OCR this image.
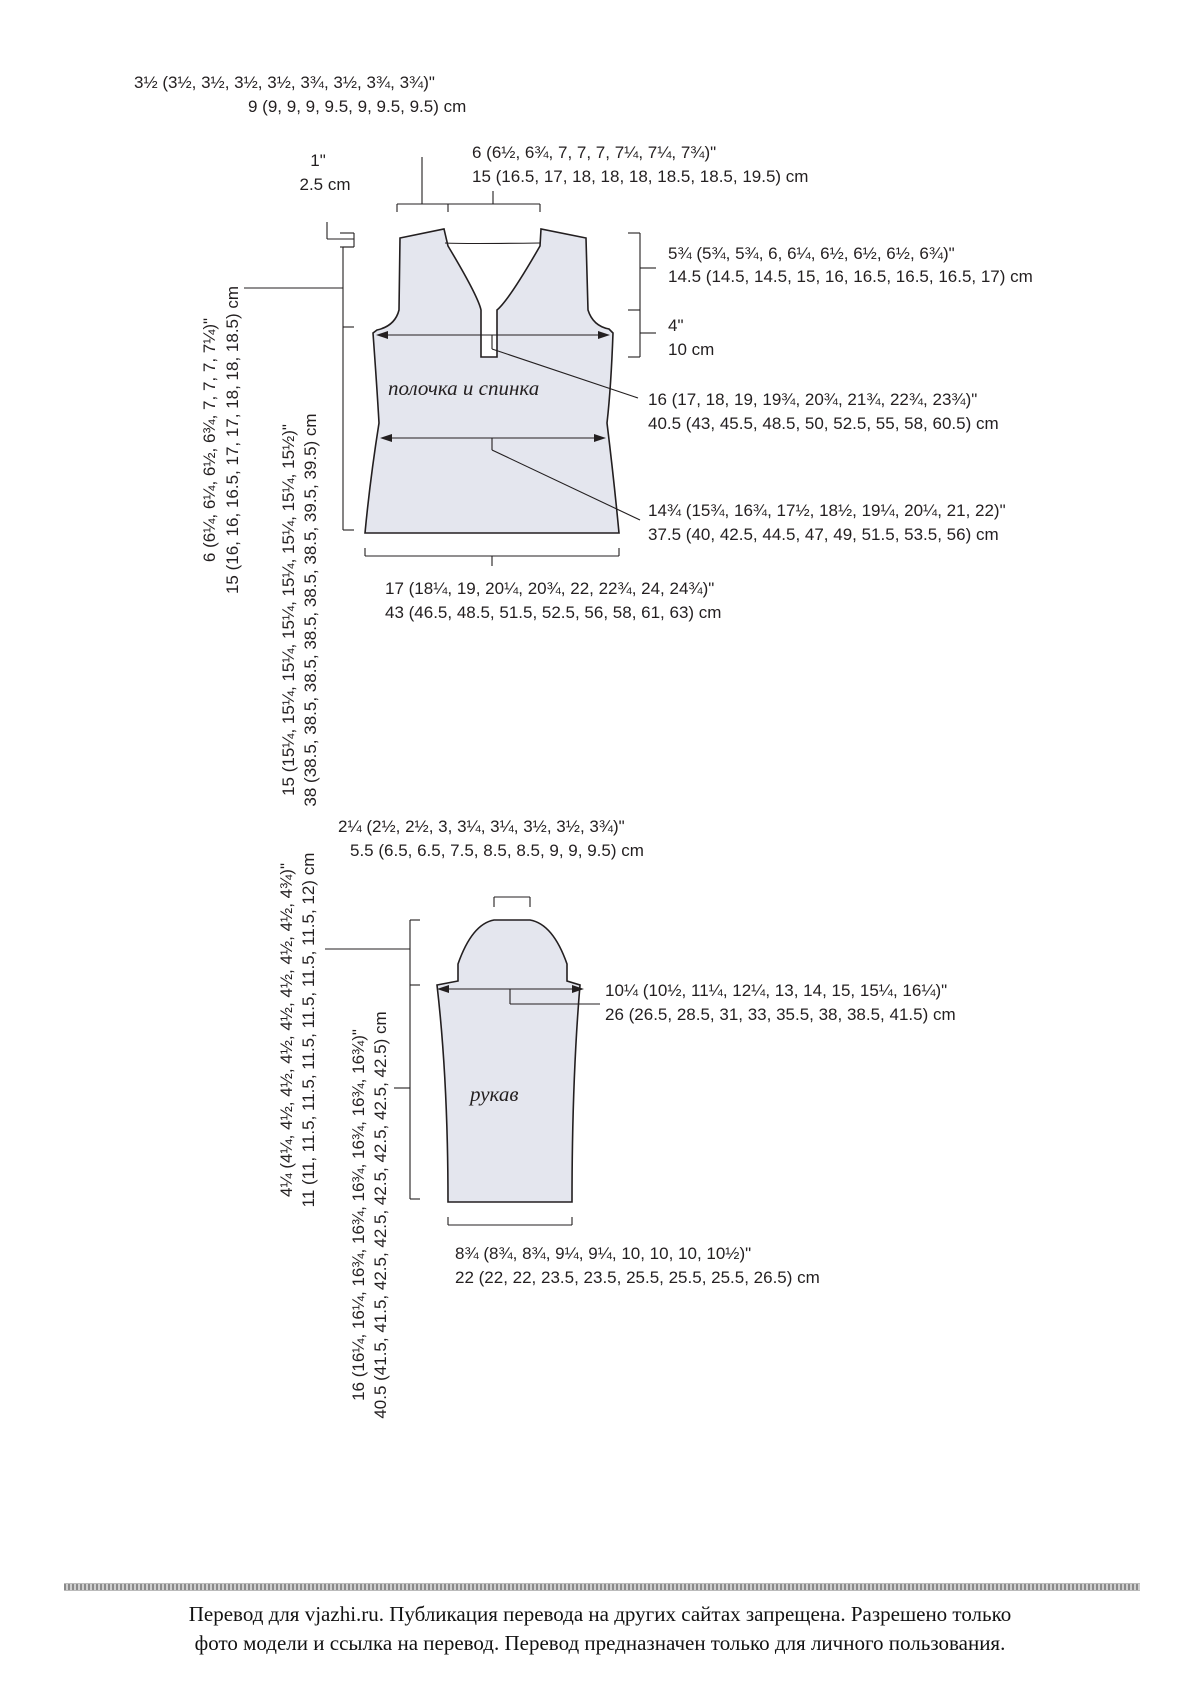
3½ (3½, 3½, 3½, 3½, 3¾, 3½, 3¾, 3¾)"
9 (9, 9, 9, 9.5, 9, 9.5, 9.5) cm
6 (6½, 6¾, 7, 7, 7, 7¼, 7¼, 7¾)"
15 (16.5, 17, 18, 18, 18, 18.5, 18.5, 19.5) cm
1"
2.5 cm
6 (6¼, 6¼, 6½, 6¾, 7, 7, 7, 7¼)" 15 (16, 16, 16.5, 17, 17, 18, 18, 18.5) cm 15 (15¼, 15¼, 15¼, 15¼, 15¼, 15¼, 15¼, 15½)" 38 (38.5, 38.5, 38.5, 38.5, 38.5, 38.5, 39.5, 39.5) cm
5¾ (5¾, 5¾, 6, 6¼, 6½, 6½, 6½, 6¾)"
14.5 (14.5, 14.5, 15, 16, 16.5, 16.5, 16.5, 17) cm
4"
10 cm
16 (17, 18, 19, 19¾, 20¾, 21¾, 22¾, 23¾)"
40.5 (43, 45.5, 48.5, 50, 52.5, 55, 58, 60.5) cm
14¾ (15¾, 16¾, 17½, 18½, 19¼, 20¼, 21, 22)"
37.5 (40, 42.5, 44.5, 47, 49, 51.5, 53.5, 56) cm
17 (18¼, 19, 20¼, 20¾, 22, 22¾, 24, 24¾)"
43 (46.5, 48.5, 51.5, 52.5, 56, 58, 61, 63) cm
полочка и спинка
2¼ (2½, 2½, 3, 3¼, 3¼, 3½, 3½, 3¾)"
5.5 (6.5, 6.5, 7.5, 8.5, 8.5, 9, 9, 9.5) cm
10¼ (10½, 11¼, 12¼, 13, 14, 15, 15¼, 16¼)"
26 (26.5, 28.5, 31, 33, 35.5, 38, 38.5, 41.5) cm
8¾ (8¾, 8¾, 9¼, 9¼, 10, 10, 10, 10½)"
22 (22, 22, 23.5, 23.5, 25.5, 25.5, 25.5, 26.5) cm
4¼ (4¼, 4½, 4½, 4½, 4½, 4½, 4½, 4½, 4¾)" 11 (11, 11.5, 11.5, 11.5, 11.5, 11.5, 11.5, 12) cm 16 (16¼, 16¼, 16¾, 16¾, 16¾, 16¾, 16¾, 16¾)" 40.5 (41.5, 41.5, 42.5, 42.5, 42.5, 42.5, 42.5, 42.5) cm	рукав
Перевод для vjazhi.ru. Публикация перевода на других сайтах запрещена. Разрешено только
фото модели и ссылка на перевод. Перевод предназначен только для личного пользования.
